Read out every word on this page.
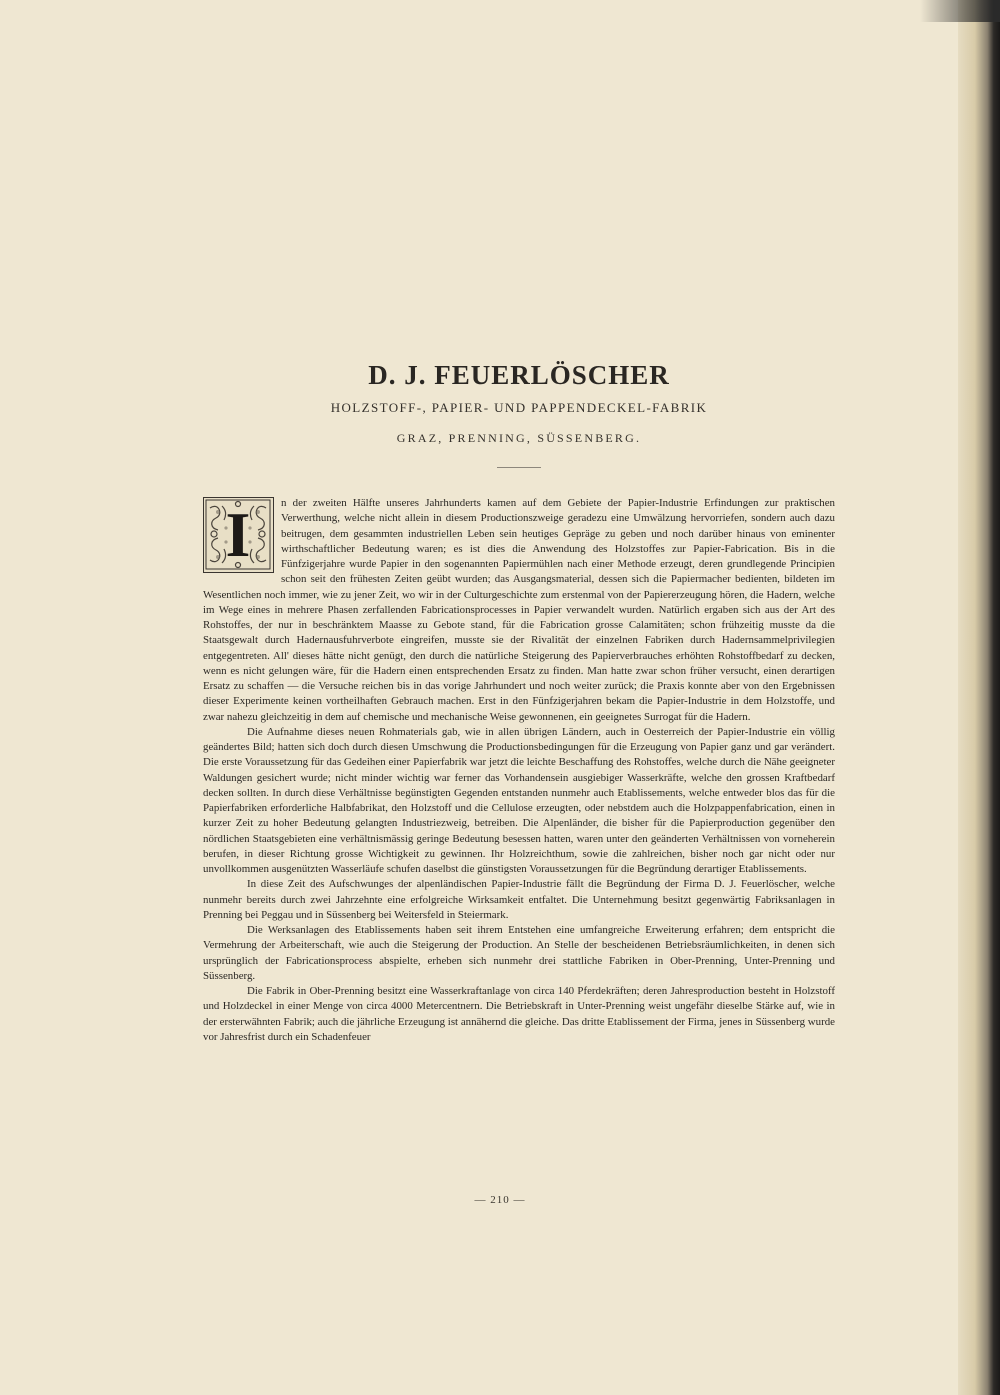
D. J. FEUERLÖSCHER
HOLZSTOFF-, PAPIER- UND PAPPENDECKEL-FABRIK
GRAZ, PRENNING, SÜSSENBERG.

I	n der zweiten Hälfte unseres Jahrhunderts kamen auf dem Gebiete der Papier-Industrie Erfindungen zur praktischen Verwerthung, welche nicht allein in diesem Productionszweige geradezu eine Umwälzung hervorriefen, sondern auch dazu beitrugen, dem gesammten industriellen Leben sein heutiges Gepräge zu geben und noch darüber hinaus von eminenter wirthschaftlicher Bedeutung waren; es ist dies die Anwendung des Holzstoffes zur Papier-Fabrication. Bis in die Fünfzigerjahre wurde Papier in den sogenannten Papiermühlen nach einer Methode erzeugt, deren grundlegende Principien schon seit den frühesten Zeiten geübt wurden; das Ausgangsmaterial, dessen sich die Papiermacher bedienten, bildeten im Wesentlichen noch immer, wie zu jener Zeit, wo wir in der Culturgeschichte zum erstenmal von der Papiererzeugung hören, die Hadern, welche im Wege eines in mehrere Phasen zerfallenden Fabricationsprocesses in Papier verwandelt wurden. Natürlich ergaben sich aus der Art des Rohstoffes, der nur in beschränktem Maasse zu Gebote stand, für die Fabrication grosse Calamitäten; schon frühzeitig musste da die Staatsgewalt durch Hadernausfuhrverbote eingreifen, musste sie der Rivalität der einzelnen Fabriken durch Hadernsammelprivilegien entgegentreten. All' dieses hätte nicht genügt, den durch die natürliche Steigerung des Papierverbrauches erhöhten Rohstoffbedarf zu decken, wenn es nicht gelungen wäre, für die Hadern einen entsprechenden Ersatz zu finden. Man hatte zwar schon früher versucht, einen derartigen Ersatz zu schaffen — die Versuche reichen bis in das vorige Jahrhundert und noch weiter zurück; die Praxis konnte aber von den Ergebnissen dieser Experimente keinen vortheilhaften Gebrauch machen. Erst in den Fünfzigerjahren bekam die Papier-Industrie in dem Holzstoffe, und zwar nahezu gleichzeitig in dem auf chemische und mechanische Weise gewonnenen, ein geeignetes Surrogat für die Hadern.

Die Aufnahme dieses neuen Rohmaterials gab, wie in allen übrigen Ländern, auch in Oesterreich der Papier-Industrie ein völlig geändertes Bild; hatten sich doch durch diesen Umschwung die Productionsbedingungen für die Erzeugung von Papier ganz und gar verändert. Die erste Voraussetzung für das Gedeihen einer Papierfabrik war jetzt die leichte Beschaffung des Rohstoffes, welche durch die Nähe geeigneter Waldungen gesichert wurde; nicht minder wichtig war ferner das Vorhandensein ausgiebiger Wasserkräfte, welche den grossen Kraftbedarf decken sollten. In durch diese Verhältnisse begünstigten Gegenden entstanden nunmehr auch Etablissements, welche entweder blos das für die Papierfabriken erforderliche Halbfabrikat, den Holzstoff und die Cellulose erzeugten, oder nebstdem auch die Holzpappenfabrication, einen in kurzer Zeit zu hoher Bedeutung gelangten Industriezweig, betreiben. Die Alpenländer, die bisher für die Papierproduction gegenüber den nördlichen Staatsgebieten eine verhältnismässig geringe Bedeutung besessen hatten, waren unter den geänderten Verhältnissen von vorneherein berufen, in dieser Richtung grosse Wichtigkeit zu gewinnen. Ihr Holzreichthum, sowie die zahlreichen, bisher noch gar nicht oder nur unvollkommen ausgenützten Wasserläufe schufen daselbst die günstigsten Voraussetzungen für die Begründung derartiger Etablissements.

In diese Zeit des Aufschwunges der alpenländischen Papier-Industrie fällt die Begründung der Firma D. J. Feuerlöscher, welche nunmehr bereits durch zwei Jahrzehnte eine erfolgreiche Wirksamkeit entfaltet. Die Unternehmung besitzt gegenwärtig Fabriksanlagen in Prenning bei Peggau und in Süssenberg bei Weitersfeld in Steiermark.

Die Werksanlagen des Etablissements haben seit ihrem Entstehen eine umfangreiche Erweiterung erfahren; dem entspricht die Vermehrung der Arbeiterschaft, wie auch die Steigerung der Production. An Stelle der bescheidenen Betriebsräumlichkeiten, in denen sich ursprünglich der Fabricationsprocess abspielte, erheben sich nunmehr drei stattliche Fabriken in Ober-Prenning, Unter-Prenning und Süssenberg.

Die Fabrik in Ober-Prenning besitzt eine Wasserkraftanlage von circa 140 Pferdekräften; deren Jahresproduction besteht in Holzstoff und Holzdeckel in einer Menge von circa 4000 Metercentnern. Die Betriebskraft in Unter-Prenning weist ungefähr dieselbe Stärke auf, wie in der ersterwähnten Fabrik; auch die jährliche Erzeugung ist annähernd die gleiche. Das dritte Etablissement der Firma, jenes in Süssenberg wurde vor Jahresfrist durch ein Schadenfeuer

— 210 —
